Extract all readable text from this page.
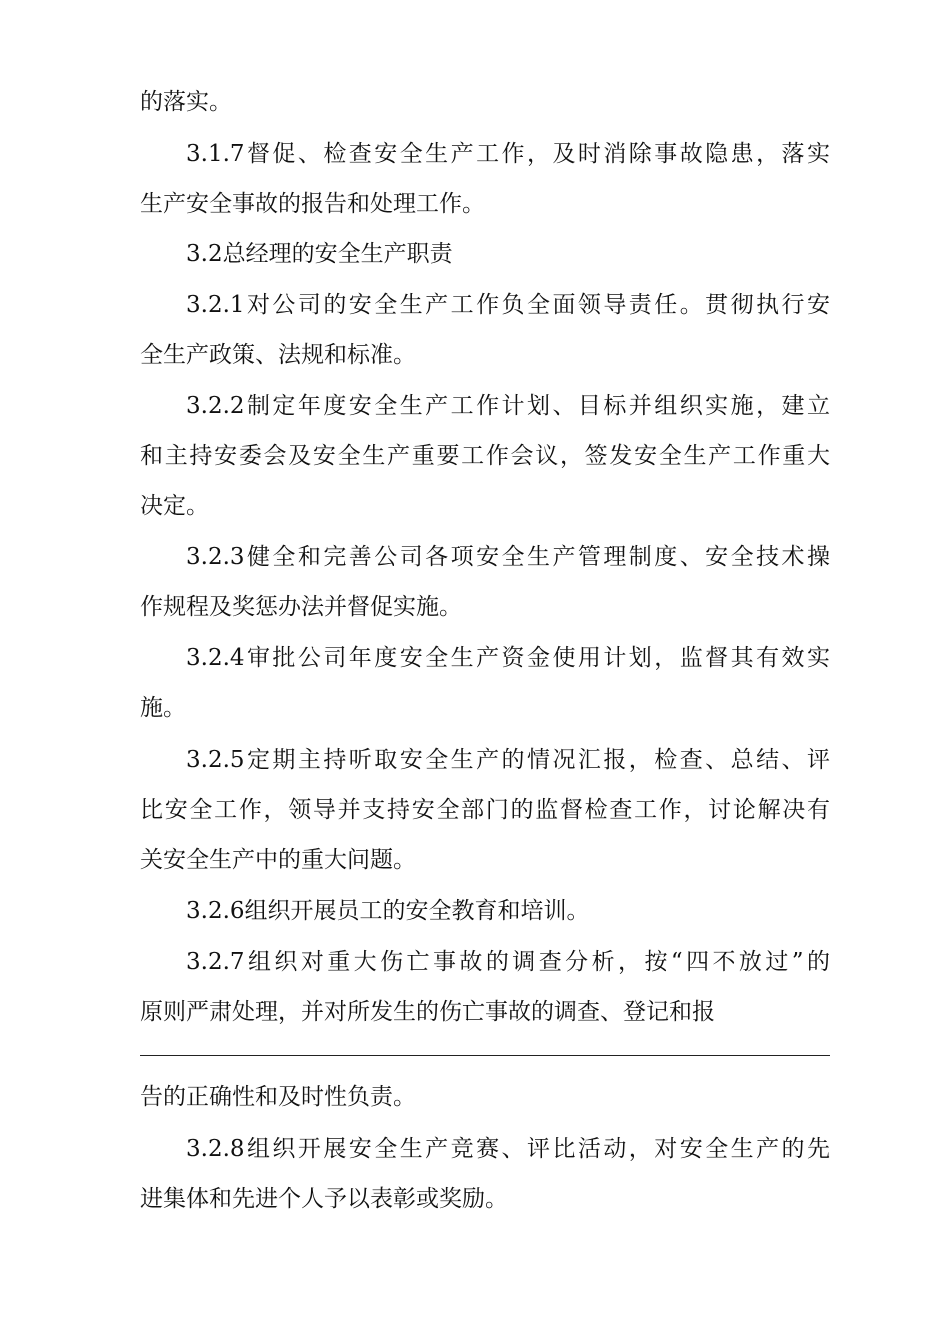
的落实。
3.1.7督促、检查安全生产工作，及时消除事故隐患，落实
生产安全事故的报告和处理工作。
3.2总经理的安全生产职责
3.2.1对公司的安全生产工作负全面领导责任。贯彻执行安
全生产政策、法规和标准。
3.2.2制定年度安全生产工作计划、目标并组织实施，建立
和主持安委会及安全生产重要工作会议，签发安全生产工作重大
决定。
3.2.3健全和完善公司各项安全生产管理制度、安全技术操
作规程及奖惩办法并督促实施。
3.2.4审批公司年度安全生产资金使用计划，监督其有效实
施。
3.2.5定期主持听取安全生产的情况汇报，检查、总结、评
比安全工作，领导并支持安全部门的监督检查工作，讨论解决有
关安全生产中的重大问题。
3.2.6组织开展员工的安全教育和培训。
3.2.7组织对重大伤亡事故的调查分析，按“四不放过”的
原则严肃处理，并对所发生的伤亡事故的调查、登记和报
告的正确性和及时性负责。
3.2.8组织开展安全生产竞赛、评比活动，对安全生产的先
进集体和先进个人予以表彰或奖励。
